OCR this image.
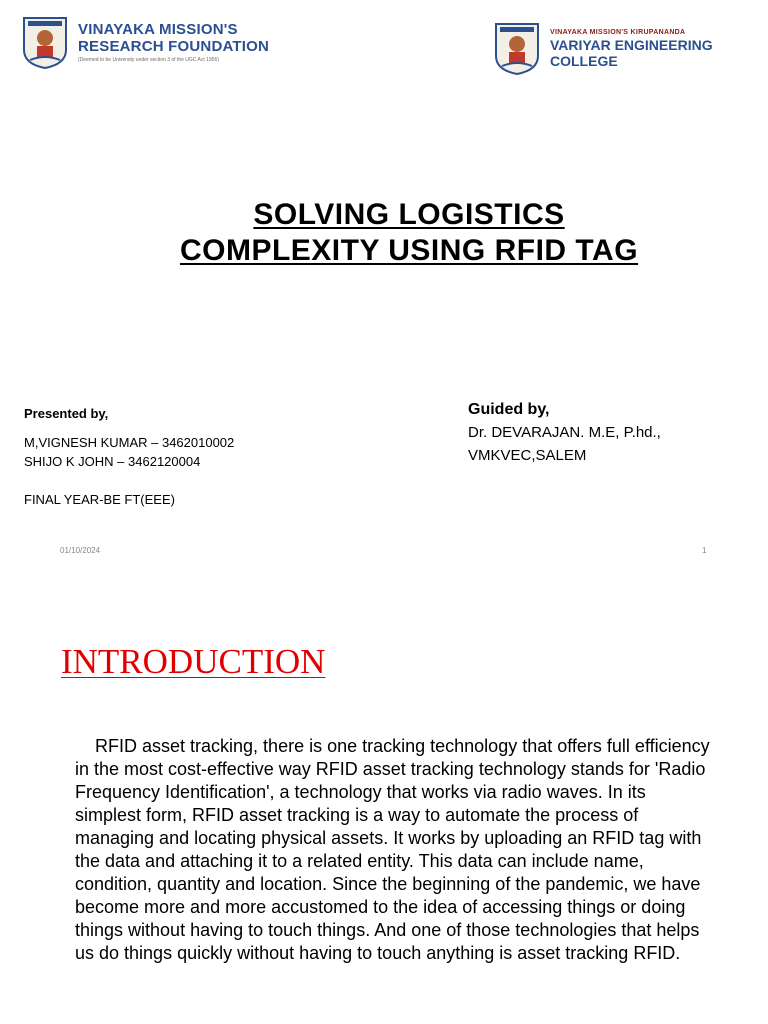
VINAYAKA MISSION'S
RESEARCH FOUNDATION
(Deemed to be University under section 3 of the UGC Act 1956)
VINAYAKA MISSION'S KIRUPANANDA
VARIYAR ENGINEERING
COLLEGE
SOLVING LOGISTICS
COMPLEXITY USING RFID TAG
Presented by,
M,VIGNESH KUMAR – 3462010002
SHIJO K JOHN – 3462120004
FINAL YEAR-BE FT(EEE)
Guided by,
Dr. DEVARAJAN. M.E, P.hd.,
VMKVEC,SALEM
01/10/2024	1
INTRODUCTION

RFID asset tracking, there is one tracking technology that offers full efficiency in the most cost-effective way RFID asset tracking technology stands for 'Radio Frequency Identification', a technology that works via radio waves. In its simplest form, RFID asset tracking is a way to automate the process of managing and locating physical assets. It works by uploading an RFID tag with the data and attaching it to a related entity. This data can include name, condition, quantity and location. Since the beginning of the pandemic, we have become more and more accustomed to the idea of accessing things or doing things without having to touch things. And one of those technologies that helps us do things quickly without having to touch anything is asset tracking RFID.
